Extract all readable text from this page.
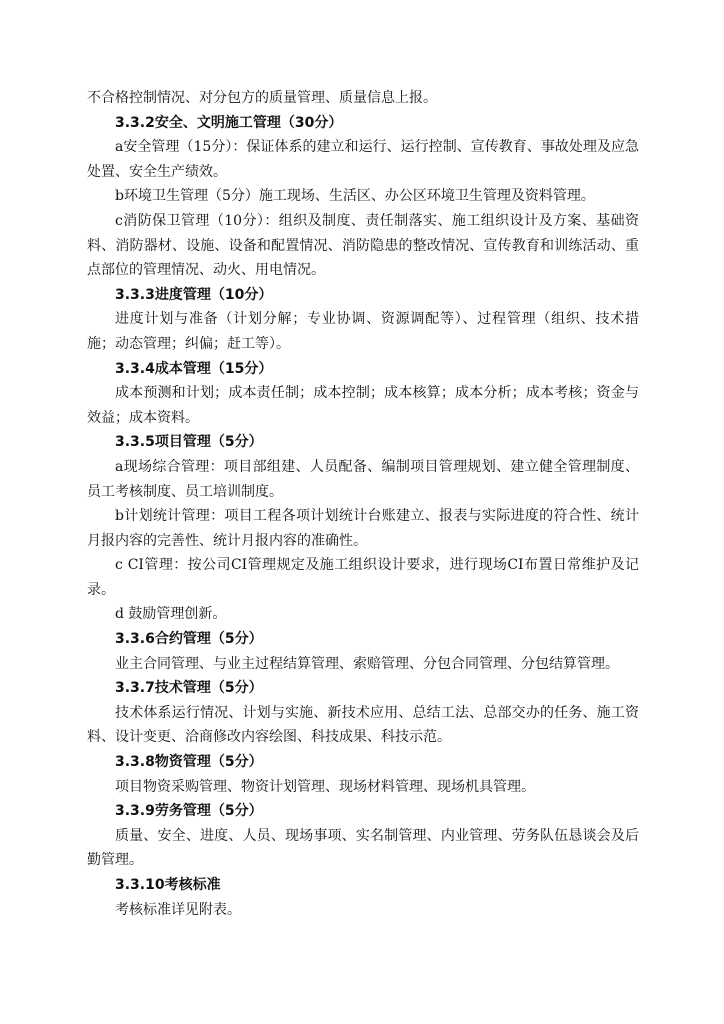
不合格控制情况、对分包方的质量管理、质量信息上报。

3.3.2安全、文明施工管理（30分）

a安全管理（15分）：保证体系的建立和运行、运行控制、宣传教育、事故处理及应急处置、安全生产绩效。

b环境卫生管理（5分）施工现场、生活区、办公区环境卫生管理及资料管理。

c消防保卫管理（10分）：组织及制度、责任制落实、施工组织设计及方案、基础资料、消防器材、设施、设备和配置情况、消防隐患的整改情况、宣传教育和训练活动、重点部位的管理情况、动火、用电情况。

3.3.3进度管理（10分）

进度计划与准备（计划分解；专业协调、资源调配等）、过程管理（组织、技术措施；动态管理；纠偏；赶工等）。

3.3.4成本管理（15分）

成本预测和计划；成本责任制；成本控制；成本核算；成本分析；成本考核；资金与效益；成本资料。

3.3.5项目管理（5分）

a现场综合管理：项目部组建、人员配备、编制项目管理规划、建立健全管理制度、员工考核制度、员工培训制度。

b计划统计管理：项目工程各项计划统计台账建立、报表与实际进度的符合性、统计月报内容的完善性、统计月报内容的准确性。

c CI管理：按公司CI管理规定及施工组织设计要求，进行现场CI布置日常维护及记录。

d 鼓励管理创新。

3.3.6合约管理（5分）

业主合同管理、与业主过程结算管理、索赔管理、分包合同管理、分包结算管理。

3.3.7技术管理（5分）

技术体系运行情况、计划与实施、新技术应用、总结工法、总部交办的任务、施工资料、设计变更、洽商修改内容绘图、科技成果、科技示范。

3.3.8物资管理（5分）

项目物资采购管理、物资计划管理、现场材料管理、现场机具管理。

3.3.9劳务管理（5分）

质量、安全、进度、人员、现场事项、实名制管理、内业管理、劳务队伍恳谈会及后勤管理。

3.3.10考核标准

考核标准详见附表。
